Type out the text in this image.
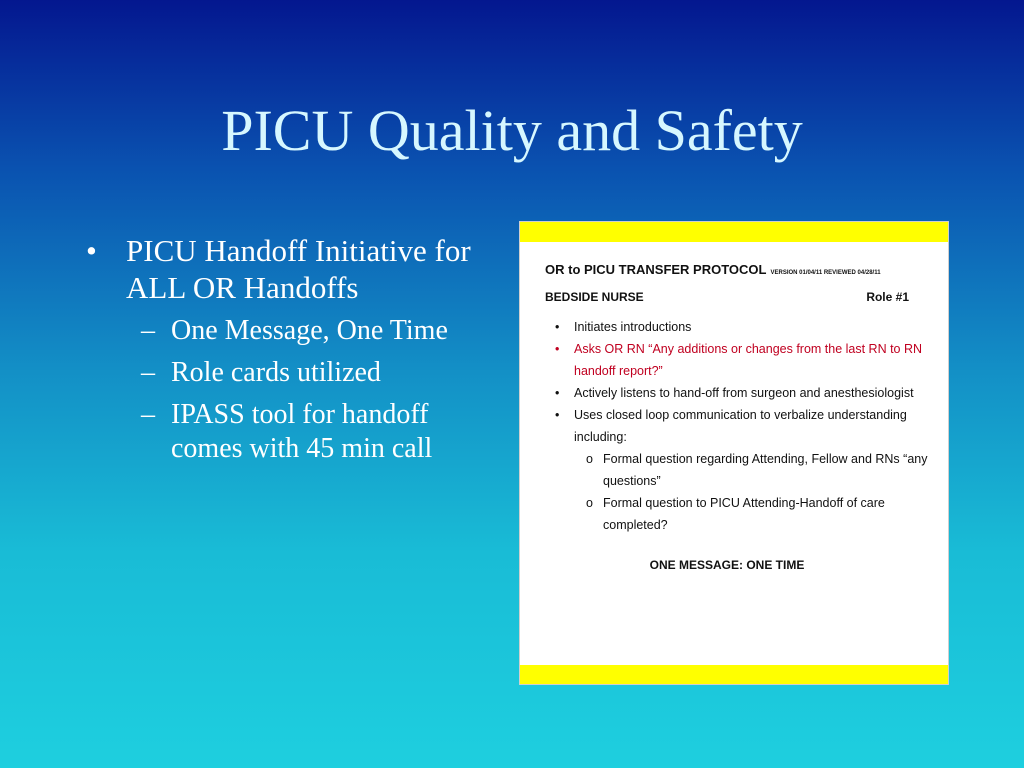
PICU Quality and Safety

• PICU Handoff Initiative for ALL OR Handoffs

– One Message, One Time

– Role cards utilized

– IPASS tool for handoff comes with 45 min call

OR to PICU TRANSFER PROTOCOL VERSION 01/04/11 REVIEWED 04/28/11
BEDSIDE NURSE	Role #1
• Initiates introductions
• Asks OR RN “Any additions or changes from the last RN to RN handoff report?”
• Actively listens to hand-off from surgeon and anesthesiologist
• Uses closed loop communication to verbalize understanding including:
o Formal question regarding Attending, Fellow and RNs “any questions”
o Formal question to PICU Attending-Handoff of care completed?
ONE MESSAGE: ONE TIME
